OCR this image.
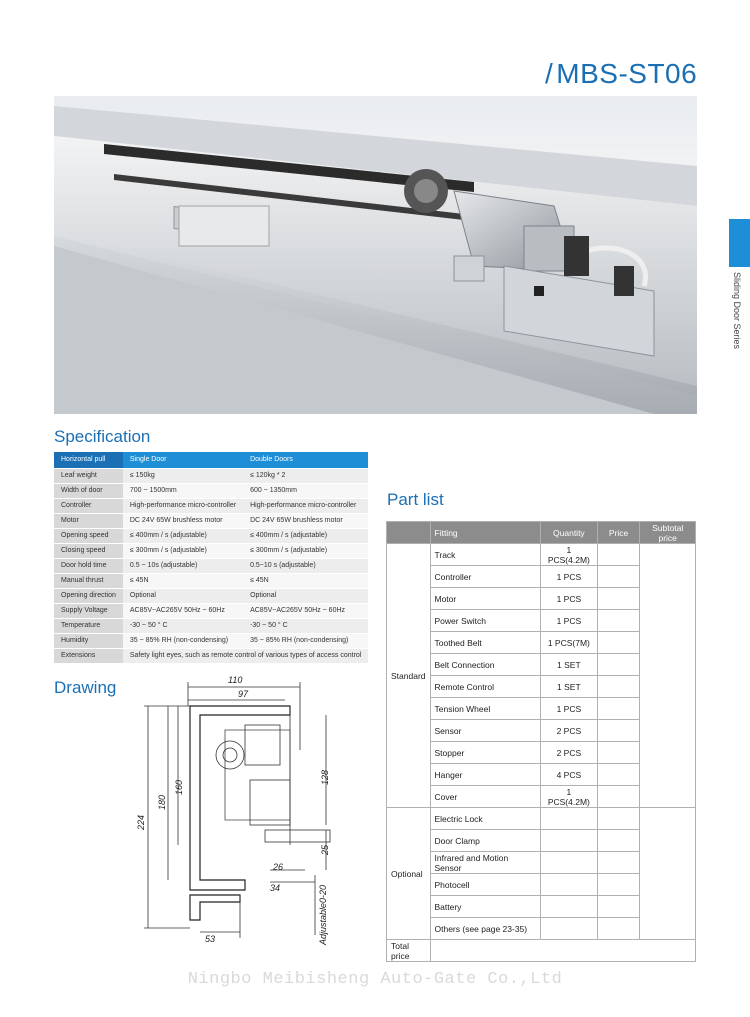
/ MBS-ST06
Sliding Door Series
Specification
Horizontal pull	Single Door	Double Doors
Leaf weight	≤ 150kg	≤ 120kg * 2
Width of door	700 ~ 1500mm	600 ~ 1350mm
Controller	High-performance micro-controller	High-performance micro-controller
Motor	DC 24V 65W brushless motor	DC 24V 65W brushless motor
Opening speed	≤ 400mm / s (adjustable)	≤ 400mm / s (adjustable)
Closing speed	≤ 300mm / s (adjustable)	≤ 300mm / s (adjustable)
Door hold time	0.5 ~ 10s (adjustable)	0.5~10 s (adjustable)
Manual thrust	≤ 45N	≤ 45N
Opening direction	Optional	Optional
Supply Voltage	AC85V~AC265V 50Hz ~ 60Hz	AC85V~AC265V 50Hz ~ 60Hz
Temperature	-30 ~ 50 ° C	-30 ~ 50 ° C
Humidity	35 ~ 85% RH (non-condensing)	35 ~ 85% RH (non-condensing)
Extensions	Safety light eyes, such as remote control of various types of access control	
Drawing	110
97
128
180
160
224
25
26
34
53	Adjustable0-20
Part list
	Fitting	Quantity	Price	Subtotal price
Standard	Track	1 PCS(4.2M)		
	Controller	1 PCS		
	Motor	1 PCS		
	Power Switch	1 PCS		
	Toothed Belt	1 PCS(7M)		
	Belt Connection	1 SET		
	Remote Control	1 SET		
	Tension Wheel	1 PCS		
	Sensor	2 PCS		
	Stopper	2 PCS		
	Hanger	4 PCS		
	Cover	1 PCS(4.2M)		
Optional	Electric Lock			
	Door Clamp			
	Infrared and Motion Sensor			
	Photocell			
	Battery			
	Others (see page 23-35)			
Total price				
Ningbo Meibisheng Auto-Gate Co.,Ltd
